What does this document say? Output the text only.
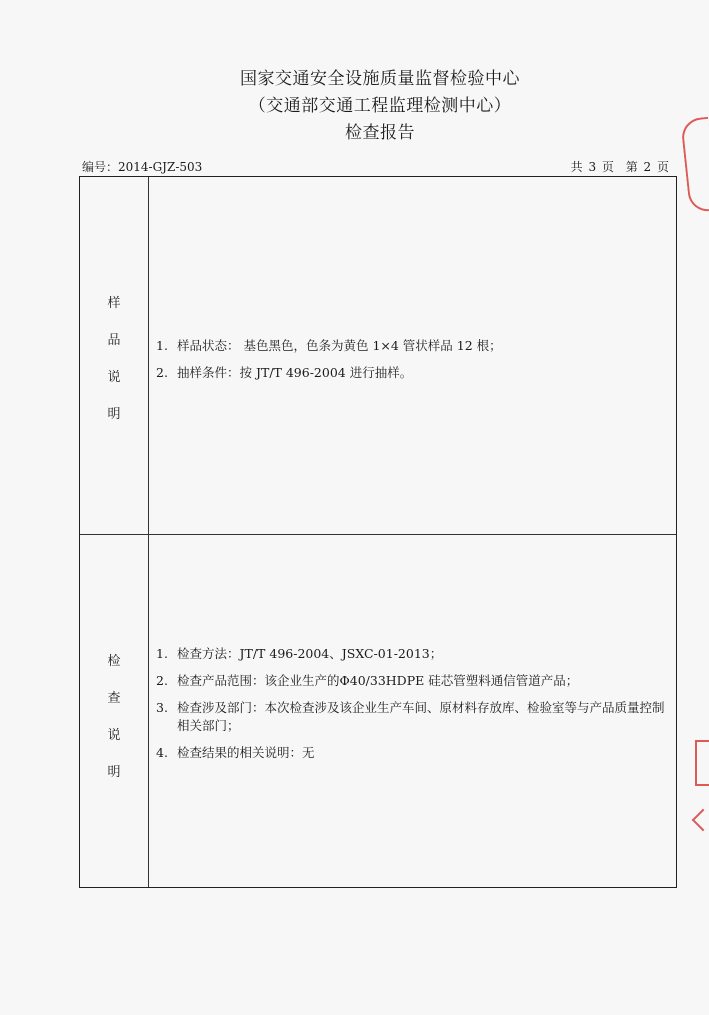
国家交通安全设施质量监督检验中心
（交通部交通工程监理检测中心）
检查报告
编号：2014-GJZ-503	共 3 页 第 2 页
样
品
说
明
1. 样品状态： 基色黑色，色条为黄色 1×4 管状样品 12 根；
2. 抽样条件：按 JT/T 496-2004 进行抽样。
检
查
说
明
1. 检查方法：JT/T 496-2004、JSXC-01-2013；
2. 检查产品范围：该企业生产的Φ40/33HDPE 硅芯管塑料通信管道产品；
3. 检查涉及部门：本次检查涉及该企业生产车间、原材料存放库、检验室等与产品质量控制相关部门；
4. 检查结果的相关说明：无
